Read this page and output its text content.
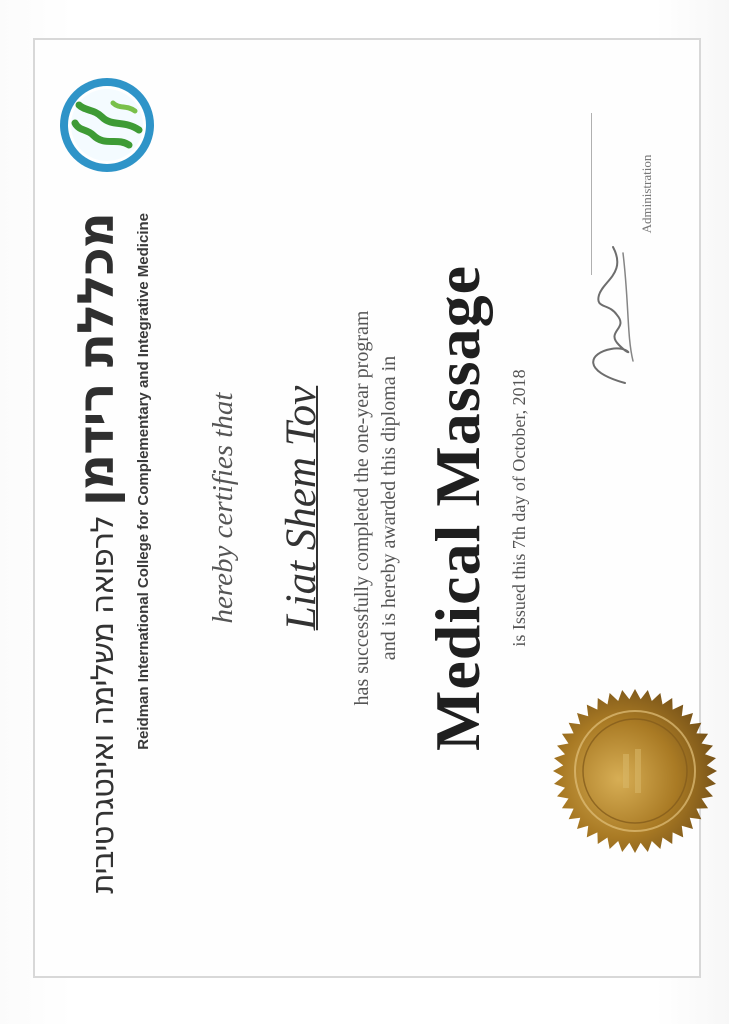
מכללת רידמןלרפואה משלימה ואינטגרטיבית Reidman International College for Complementary and Integrative Medicine hereby certifies that Liat Shem Tov has successfully completed the one-year program and is hereby awarded this diploma in Medical Massage is Issued this 7th day of October, 2018
Administration
